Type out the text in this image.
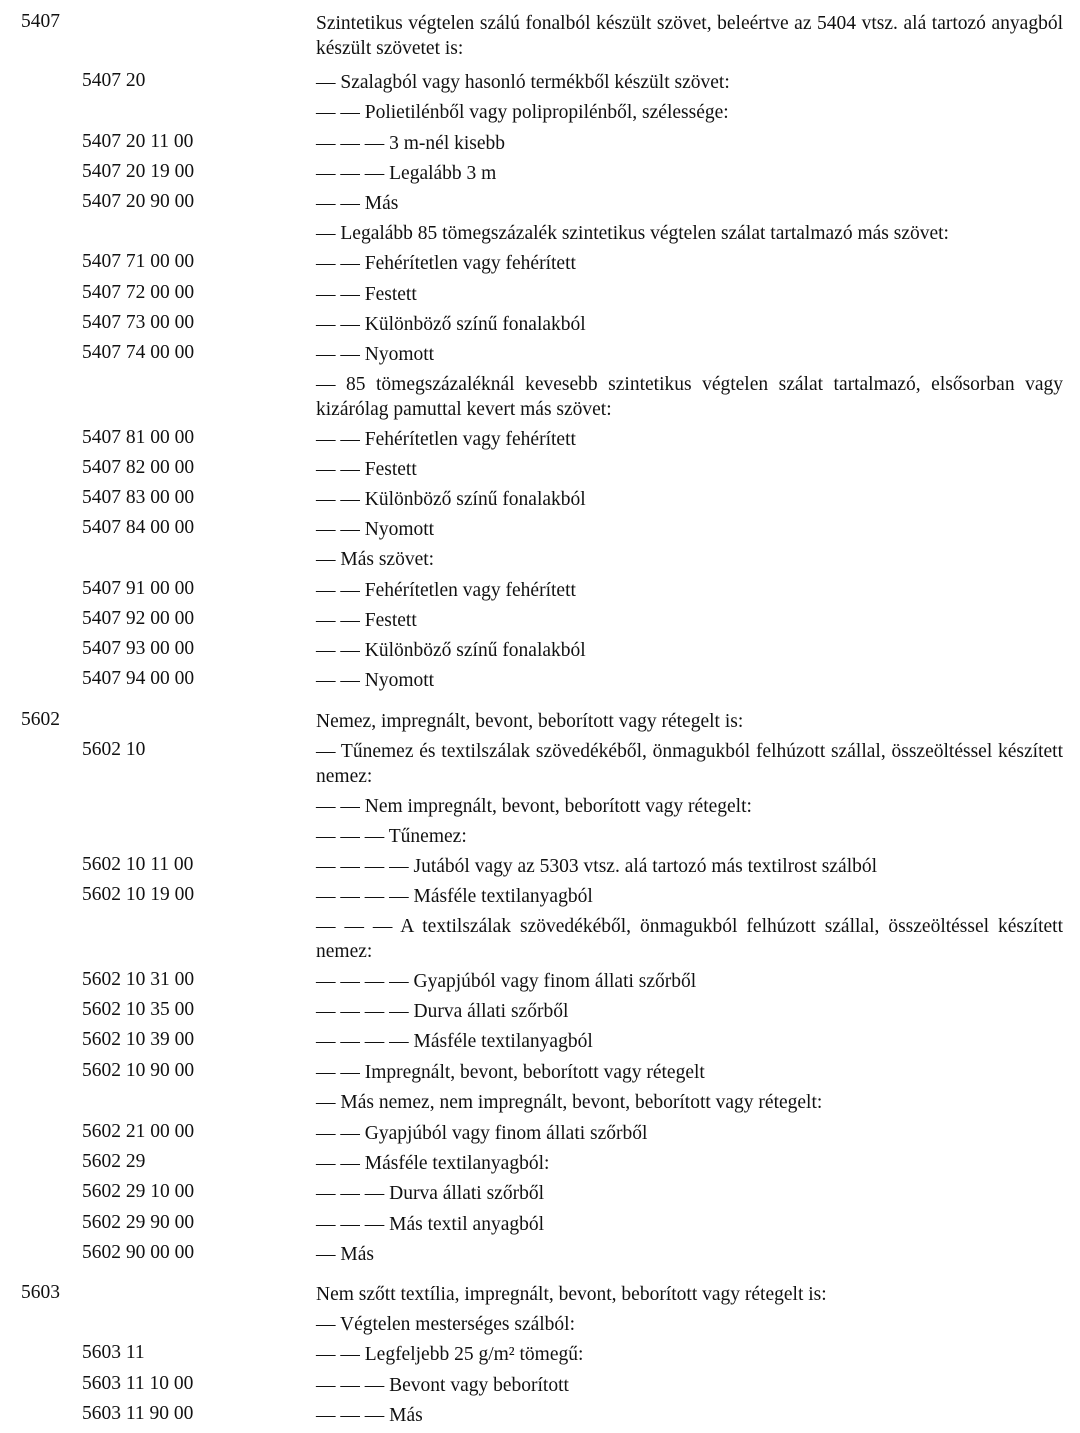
5407	Szintetikus végtelen szálú fonalból készült szövet, beleértve az 5404 vtsz. alá tartozó anyagból készült szövetet is:
5407 20	— Szalagból vagy hasonló termékből készült szövet:
— — Polietilénből vagy polipropilénből, szélessége:
5407 20 11 00	— — — 3 m-nél kisebb
5407 20 19 00	— — — Legalább 3 m
5407 20 90 00	— — Más
— Legalább 85 tömegszázalék szintetikus végtelen szálat tartalmazó más szövet:
5407 71 00 00	— — Fehérítetlen vagy fehérített
5407 72 00 00	— — Festett
5407 73 00 00	— — Különböző színű fonalakból
5407 74 00 00	— — Nyomott
— 85 tömegszázaléknál kevesebb szintetikus végtelen szálat tartalmazó, elsősorban vagy kizárólag pamuttal kevert más szövet:
5407 81 00 00	— — Fehérítetlen vagy fehérített
5407 82 00 00	— — Festett
5407 83 00 00	— — Különböző színű fonalakból
5407 84 00 00	— — Nyomott
— Más szövet:
5407 91 00 00	— — Fehérítetlen vagy fehérített
5407 92 00 00	— — Festett
5407 93 00 00	— — Különböző színű fonalakból
5407 94 00 00	— — Nyomott
5602	Nemez, impregnált, bevont, beborított vagy rétegelt is:
5602 10	— Tűnemez és textilszálak szövedékéből, önmagukból felhúzott szállal, összeöltéssel készített nemez:
— — Nem impregnált, bevont, beborított vagy rétegelt:
— — — Tűnemez:
5602 10 11 00	— — — — Jutából vagy az 5303 vtsz. alá tartozó más textilrost szálból
5602 10 19 00	— — — — Másféle textilanyagból
— — — A textilszálak szövedékéből, önmagukból felhúzott szállal, összeöltéssel készített nemez:
5602 10 31 00	— — — — Gyapjúból vagy finom állati szőrből
5602 10 35 00	— — — — Durva állati szőrből
5602 10 39 00	— — — — Másféle textilanyagból
5602 10 90 00	— — Impregnált, bevont, beborított vagy rétegelt
— Más nemez, nem impregnált, bevont, beborított vagy rétegelt:
5602 21 00 00	— — Gyapjúból vagy finom állati szőrből
5602 29	— — Másféle textilanyagból:
5602 29 10 00	— — — Durva állati szőrből
5602 29 90 00	— — — Más textil anyagból
5602 90 00 00	— Más
5603	Nem szőtt textília, impregnált, bevont, beborított vagy rétegelt is:
— Végtelen mesterséges szálból:
5603 11	— — Legfeljebb 25 g/m² tömegű:
5603 11 10 00	— — — Bevont vagy beborított
5603 11 90 00	— — — Más
